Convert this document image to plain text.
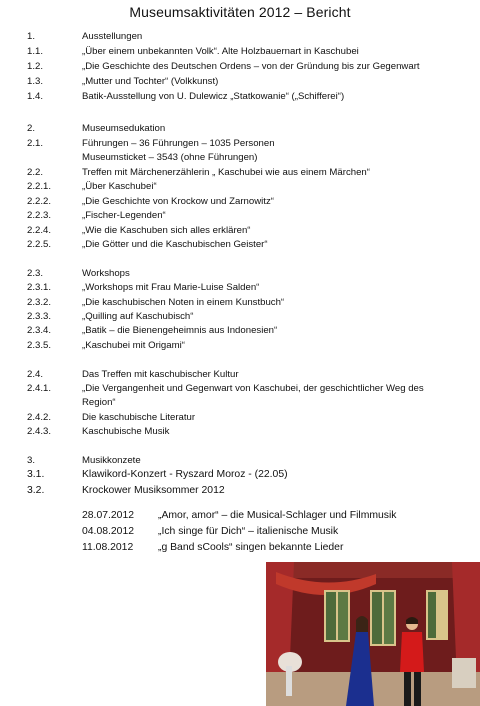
Museumsaktivitäten 2012 – Bericht
1.	Ausstellungen
1.1.	„Über einem unbekannten Volk“. Alte Holzbauernart in Kaschubei
1.2.	„Die Geschichte des Deutschen Ordens – von der Gründung bis zur Gegenwart
1.3.	„Mutter und Tochter“ (Volkkunst)
1.4.	Batik-Ausstellung von U. Dulewicz „Statkowanie“ („Schifferei“)
2.	Museumsedukation
2.1.	Führungen – 36 Führungen – 1035 Personen
Museumsticket – 3543 (ohne Führungen)
2.2.	Treffen mit Märchenerzählerin „ Kaschubei wie aus einem Märchen“
2.2.1.	„Über Kaschubei“
2.2.2.	„Die Geschichte von Krockow und Zarnowitz“
2.2.3.	„Fischer-Legenden“
2.2.4.	„Wie die Kaschuben sich alles erklären“
2.2.5.	„Die Götter und die Kaschubischen Geister“
2.3.	Workshops
2.3.1.	„Workshops mit Frau Marie-Luise Salden“
2.3.2.	„Die kaschubischen Noten in einem Kunstbuch“
2.3.3.	„Quilling auf Kaschubisch“
2.3.4.	„Batik – die Bienengeheimnis aus Indonesien“
2.3.5.	„Kaschubei mit Origami“
2.4.	Das Treffen mit kaschubischer Kultur
2.4.1.	„Die Vergangenheit und Gegenwart von Kaschubei, der geschichtlicher Weg des
Region“
2.4.2.	Die kaschubische Literatur
2.4.3.	Kaschubische Musik
3.	Musikkonzete
3.1.	Klawikord-Konzert - Ryszard Moroz - (22.05)
3.2.	Krockower Musiksommer 2012
28.07.2012 „Amor, amor“ – die Musical-Schlager und Filmmusik
04.08.2012 „Ich singe für Dich“ – italienische Musik
11.08.2012 „g Band sCools“ singen bekannte Lieder
